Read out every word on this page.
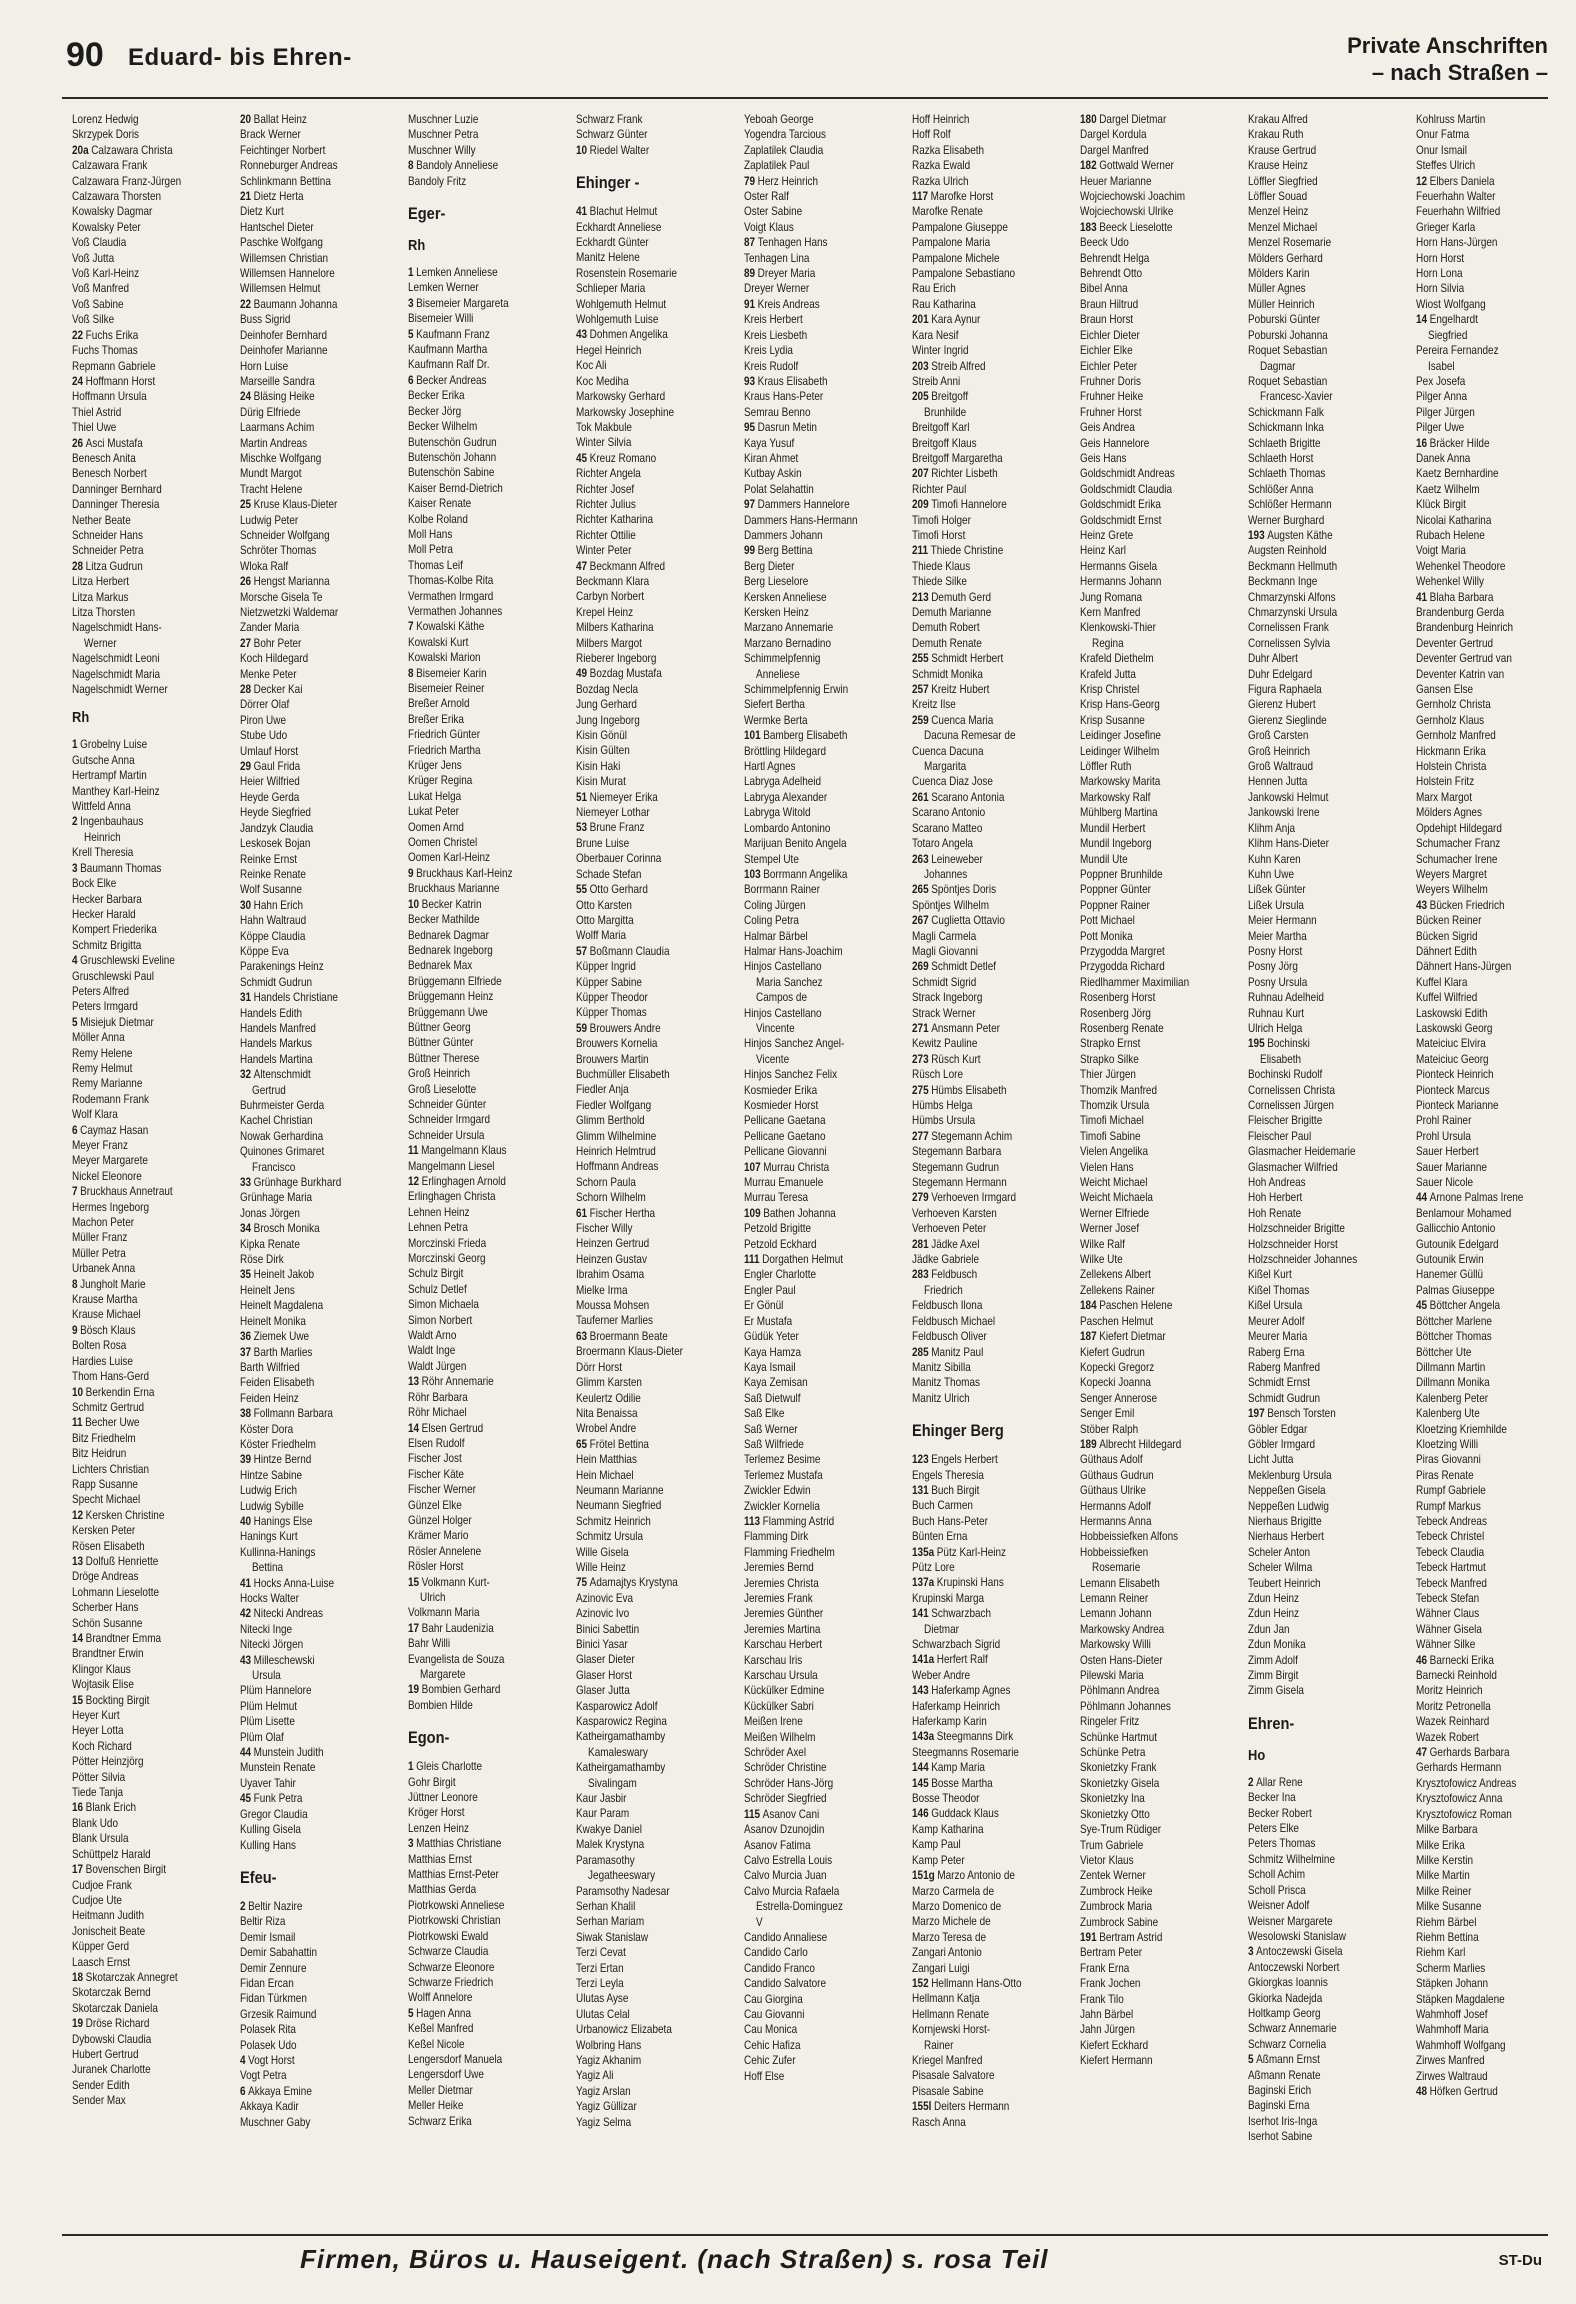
90 Eduard- bis Ehren-	Private Anschriften
– nach Straßen –
Lorenz Hedwig
Skrzypek Doris
20a Calzawara Christa
Calzawara Frank
Calzawara Franz-Jürgen
Calzawara Thorsten
Kowalsky Dagmar
Kowalsky Peter
Voß Claudia
Voß Jutta
Voß Karl-Heinz
Voß Manfred
Voß Sabine
Voß Silke
22 Fuchs Erika
Fuchs Thomas
Repmann Gabriele
24 Hoffmann Horst
Hoffmann Ursula
Thiel Astrid
Thiel Uwe
26 Asci Mustafa
Benesch Anita
Benesch Norbert
Danninger Bernhard
Danninger Theresia
Nether Beate
Schneider Hans
Schneider Petra
28 Litza Gudrun
Litza Herbert
Litza Markus
Litza Thorsten
Nagelschmidt Hans-
Werner
Nagelschmidt Leoni
Nagelschmidt Maria
Nagelschmidt Werner
Rh
1 Grobelny Luise
Gutsche Anna
Hertrampf Martin
Manthey Karl-Heinz
Wittfeld Anna
2 Ingenbauhaus
Heinrich
Krell Theresia
3 Baumann Thomas
Bock Elke
Hecker Barbara
Hecker Harald
Kompert Friederika
Schmitz Brigitta
4 Gruschlewski Eveline
Gruschlewski Paul
Peters Alfred
Peters Irmgard
5 Misiejuk Dietmar
Möller Anna
Remy Helene
Remy Helmut
Remy Marianne
Rodemann Frank
Wolf Klara
6 Caymaz Hasan
Meyer Franz
Meyer Margarete
Nickel Eleonore
7 Bruckhaus Annetraut
Hermes Ingeborg
Machon Peter
Müller Franz
Müller Petra
Urbanek Anna
8 Jungholt Marie
Krause Martha
Krause Michael
9 Bösch Klaus
Bolten Rosa
Hardies Luise
Thom Hans-Gerd
10 Berkendin Erna
Schmitz Gertrud
11 Becher Uwe
Bitz Friedhelm
Bitz Heidrun
Lichters Christian
Rapp Susanne
Specht Michael
12 Kersken Christine
Kersken Peter
Rösen Elisabeth
13 Dolfuß Henriette
Dröge Andreas
Lohmann Lieselotte
Scherber Hans
Schön Susanne
14 Brandtner Emma
Brandtner Erwin
Klingor Klaus
Wojtasik Elise
15 Bockting Birgit
Heyer Kurt
Heyer Lotta
Koch Richard
Pötter Heinzjörg
Pötter Silvia
Tiede Tanja
16 Blank Erich
Blank Udo
Blank Ursula
Schüttpelz Harald
17 Bovenschen Birgit
Cudjoe Frank
Cudjoe Ute
Heitmann Judith
Jonischeit Beate
Küpper Gerd
Laasch Ernst
18 Skotarczak Annegret
Skotarczak Bernd
Skotarczak Daniela
19 Dröse Richard
Dybowski Claudia
Hubert Gertrud
Juranek Charlotte
Sender Edith
Sender Max
20 Ballat Heinz
Brack Werner
Feichtinger Norbert
Ronneburger Andreas
Schlinkmann Bettina
21 Dietz Herta
Dietz Kurt
Hantschel Dieter
Paschke Wolfgang
Willemsen Christian
Willemsen Hannelore
Willemsen Helmut
22 Baumann Johanna
Buss Sigrid
Deinhofer Bernhard
Deinhofer Marianne
Horn Luise
Marseille Sandra
24 Bläsing Heike
Dürig Elfriede
Laarmans Achim
Martin Andreas
Mischke Wolfgang
Mundt Margot
Tracht Helene
25 Kruse Klaus-Dieter
Ludwig Peter
Schneider Wolfgang
Schröter Thomas
Wloka Ralf
26 Hengst Marianna
Morsche Gisela Te
Nietzwetzki Waldemar
Zander Maria
27 Bohr Peter
Koch Hildegard
Menke Peter
28 Decker Kai
Dörrer Olaf
Piron Uwe
Stube Udo
Umlauf Horst
29 Gaul Frida
Heier Wilfried
Heyde Gerda
Heyde Siegfried
Jandzyk Claudia
Leskosek Bojan
Reinke Ernst
Reinke Renate
Wolf Susanne
30 Hahn Erich
Hahn Waltraud
Köppe Claudia
Köppe Eva
Parakenings Heinz
Schmidt Gudrun
31 Handels Christiane
Handels Edith
Handels Manfred
Handels Markus
Handels Martina
32 Altenschmidt
Gertrud
Buhrmeister Gerda
Kachel Christian
Nowak Gerhardina
Quinones Grimaret
Francisco
33 Grünhage Burkhard
Grünhage Maria
Jonas Jörgen
34 Brosch Monika
Kipka Renate
Röse Dirk
35 Heinelt Jakob
Heinelt Jens
Heinelt Magdalena
Heinelt Monika
36 Ziemek Uwe
37 Barth Marlies
Barth Wilfried
Feiden Elisabeth
Feiden Heinz
38 Follmann Barbara
Köster Dora
Köster Friedhelm
39 Hintze Bernd
Hintze Sabine
Ludwig Erich
Ludwig Sybille
40 Hanings Else
Hanings Kurt
Kullinna-Hanings
Bettina
41 Hocks Anna-Luise
Hocks Walter
42 Nitecki Andreas
Nitecki Inge
Nitecki Jörgen
43 Milleschewski
Ursula
Plüm Hannelore
Plüm Helmut
Plüm Lisette
Plüm Olaf
44 Munstein Judith
Munstein Renate
Uyaver Tahir
45 Funk Petra
Gregor Claudia
Kulling Gisela
Kulling Hans
Efeu-
2 Beltir Nazire
Beltir Riza
Demir Ismail
Demir Sabahattin
Demir Zennure
Fidan Ercan
Fidan Türkmen
Grzesik Raimund
Polasek Rita
Polasek Udo
4 Vogt Horst
Vogt Petra
6 Akkaya Emine
Akkaya Kadir
Muschner Gaby
Muschner Luzie
Muschner Petra
Muschner Willy
8 Bandoly Anneliese
Bandoly Fritz
Eger-
Rh
1 Lemken Anneliese
Lemken Werner
3 Bisemeier Margareta
Bisemeier Willi
5 Kaufmann Franz
Kaufmann Martha
Kaufmann Ralf Dr.
6 Becker Andreas
Becker Erika
Becker Jörg
Becker Wilhelm
Butenschön Gudrun
Butenschön Johann
Butenschön Sabine
Kaiser Bernd-Dietrich
Kaiser Renate
Kolbe Roland
Moll Hans
Moll Petra
Thomas Leif
Thomas-Kolbe Rita
Vermathen Irmgard
Vermathen Johannes
7 Kowalski Käthe
Kowalski Kurt
Kowalski Marion
8 Bisemeier Karin
Bisemeier Reiner
Breßer Arnold
Breßer Erika
Friedrich Günter
Friedrich Martha
Krüger Jens
Krüger Regina
Lukat Helga
Lukat Peter
Oomen Arnd
Oomen Christel
Oomen Karl-Heinz
9 Bruckhaus Karl-Heinz
Bruckhaus Marianne
10 Becker Katrin
Becker Mathilde
Bednarek Dagmar
Bednarek Ingeborg
Bednarek Max
Brüggemann Elfriede
Brüggemann Heinz
Brüggemann Uwe
Büttner Georg
Büttner Günter
Büttner Therese
Groß Heinrich
Groß Lieselotte
Schneider Günter
Schneider Irmgard
Schneider Ursula
11 Mangelmann Klaus
Mangelmann Liesel
12 Erlinghagen Arnold
Erlinghagen Christa
Lehnen Heinz
Lehnen Petra
Morczinski Frieda
Morczinski Georg
Schulz Birgit
Schulz Detlef
Simon Michaela
Simon Norbert
Waldt Arno
Waldt Inge
Waldt Jürgen
13 Röhr Annemarie
Röhr Barbara
Röhr Michael
14 Elsen Gertrud
Elsen Rudolf
Fischer Jost
Fischer Käte
Fischer Werner
Günzel Elke
Günzel Holger
Krämer Mario
Rösler Annelene
Rösler Horst
15 Volkmann Kurt-
Ulrich
Volkmann Maria
17 Bahr Laudenizia
Bahr Willi
Evangelista de Souza
Margarete
19 Bombien Gerhard
Bombien Hilde
Egon-
1 Gleis Charlotte
Gohr Birgit
Jüttner Leonore
Kröger Horst
Lenzen Heinz
3 Matthias Christiane
Matthias Ernst
Matthias Ernst-Peter
Matthias Gerda
Piotrkowski Anneliese
Piotrkowski Christian
Piotrkowski Ewald
Schwarze Claudia
Schwarze Eleonore
Schwarze Friedrich
Wolff Annelore
5 Hagen Anna
Keßel Manfred
Keßel Nicole
Lengersdorf Manuela
Lengersdorf Uwe
Meller Dietmar
Meller Heike
Schwarz Erika
Schwarz Frank
Schwarz Günter
10 Riedel Walter
Ehinger -
41 Blachut Helmut
Eckhardt Anneliese
Eckhardt Günter
Manitz Helene
Rosenstein Rosemarie
Schlieper Maria
Wohlgemuth Helmut
Wohlgemuth Luise
43 Dohmen Angelika
Hegel Heinrich
Koc Ali
Koc Mediha
Markowsky Gerhard
Markowsky Josephine
Tok Makbule
Winter Silvia
45 Kreuz Romano
Richter Angela
Richter Josef
Richter Julius
Richter Katharina
Richter Ottilie
Winter Peter
47 Beckmann Alfred
Beckmann Klara
Carbyn Norbert
Krepel Heinz
Milbers Katharina
Milbers Margot
Rieberer Ingeborg
49 Bozdag Mustafa
Bozdag Necla
Jung Gerhard
Jung Ingeborg
Kisin Gönül
Kisin Gülten
Kisin Haki
Kisin Murat
51 Niemeyer Erika
Niemeyer Lothar
53 Brune Franz
Brune Luise
Oberbauer Corinna
Schade Stefan
55 Otto Gerhard
Otto Karsten
Otto Margitta
Wolff Maria
57 Boßmann Claudia
Küpper Ingrid
Küpper Sabine
Küpper Theodor
Küpper Thomas
59 Brouwers Andre
Brouwers Kornelia
Brouwers Martin
Buchmüller Elisabeth
Fiedler Anja
Fiedler Wolfgang
Glimm Berthold
Glimm Wilhelmine
Heinrich Helmtrud
Hoffmann Andreas
Schorn Paula
Schorn Wilhelm
61 Fischer Hertha
Fischer Willy
Heinzen Gertrud
Heinzen Gustav
Ibrahim Osama
Mielke Irma
Moussa Mohsen
Tauferner Marlies
63 Broermann Beate
Broermann Klaus-Dieter
Dörr Horst
Glimm Karsten
Keulertz Odilie
Nita Benaissa
Wrobel Andre
65 Frötel Bettina
Hein Matthias
Hein Michael
Neumann Marianne
Neumann Siegfried
Schmitz Heinrich
Schmitz Ursula
Wille Gisela
Wille Heinz
75 Adamajtys Krystyna
Azinovic Eva
Azinovic Ivo
Binici Sabettin
Binici Yasar
Glaser Dieter
Glaser Horst
Glaser Jutta
Kasparowicz Adolf
Kasparowicz Regina
Katheirgamathamby
Kamaleswary
Katheirgamathamby
Sivalingam
Kaur Jasbir
Kaur Param
Kwakye Daniel
Malek Krystyna
Paramasothy
Jegatheeswary
Paramsothy Nadesar
Serhan Khalil
Serhan Mariam
Siwak Stanislaw
Terzi Cevat
Terzi Ertan
Terzi Leyla
Ulutas Ayse
Ulutas Celal
Urbanowicz Elizabeta
Wolbring Hans
Yagiz Akhanim
Yagiz Ali
Yagiz Arslan
Yagiz Güllizar
Yagiz Selma
Yeboah George
Yogendra Tarcious
Zaplatilek Claudia
Zaplatilek Paul
79 Herz Heinrich
Oster Ralf
Oster Sabine
Voigt Klaus
87 Tenhagen Hans
Tenhagen Lina
89 Dreyer Maria
Dreyer Werner
91 Kreis Andreas
Kreis Herbert
Kreis Liesbeth
Kreis Lydia
Kreis Rudolf
93 Kraus Elisabeth
Kraus Hans-Peter
Semrau Benno
95 Dasrun Metin
Kaya Yusuf
Kiran Ahmet
Kutbay Askin
Polat Selahattin
97 Dammers Hannelore
Dammers Hans-Hermann
Dammers Johann
99 Berg Bettina
Berg Dieter
Berg Lieselore
Kersken Anneliese
Kersken Heinz
Marzano Annemarie
Marzano Bernadino
Schimmelpfennig
Anneliese
Schimmelpfennig Erwin
Siefert Bertha
Wermke Berta
101 Bamberg Elisabeth
Bröttling Hildegard
Hartl Agnes
Labryga Adelheid
Labryga Alexander
Labryga Witold
Lombardo Antonino
Marijuan Benito Angela
Stempel Ute
103 Borrmann Angelika
Borrmann Rainer
Coling Jürgen
Coling Petra
Halmar Bärbel
Halmar Hans-Joachim
Hinjos Castellano
Maria Sanchez
Campos de
Hinjos Castellano
Vincente
Hinjos Sanchez Angel-
Vicente
Hinjos Sanchez Felix
Kosmieder Erika
Kosmieder Horst
Pellicane Gaetana
Pellicane Gaetano
Pellicane Giovanni
107 Murrau Christa
Murrau Emanuele
Murrau Teresa
109 Bathen Johanna
Petzold Brigitte
Petzold Eckhard
111 Dorgathen Helmut
Engler Charlotte
Engler Paul
Er Gönül
Er Mustafa
Güdük Yeter
Kaya Hamza
Kaya Ismail
Kaya Zemisan
Saß Dietwulf
Saß Elke
Saß Werner
Saß Wilfriede
Terlemez Besime
Terlemez Mustafa
Zwickler Edwin
Zwickler Kornelia
113 Flamming Astrid
Flamming Dirk
Flamming Friedhelm
Jeremies Bernd
Jeremies Christa
Jeremies Frank
Jeremies Günther
Jeremies Martina
Karschau Herbert
Karschau Iris
Karschau Ursula
Kückülker Edmine
Kückülker Sabri
Meißen Irene
Meißen Wilhelm
Schröder Axel
Schröder Christine
Schröder Hans-Jörg
Schröder Siegfried
115 Asanov Cani
Asanov Dzunojdin
Asanov Fatima
Calvo Estrella Louis
Calvo Murcia Juan
Calvo Murcia Rafaela
Estrella-Dominguez
V
Candido Annaliese
Candido Carlo
Candido Franco
Candido Salvatore
Cau Giorgina
Cau Giovanni
Cau Monica
Cehic Hafiza
Cehic Zufer
Hoff Else
Hoff Heinrich
Hoff Rolf
Razka Elisabeth
Razka Ewald
Razka Ulrich
117 Marofke Horst
Marofke Renate
Pampalone Giuseppe
Pampalone Maria
Pampalone Michele
Pampalone Sebastiano
Rau Erich
Rau Katharina
201 Kara Aynur
Kara Nesif
Winter Ingrid
203 Streib Alfred
Streib Anni
205 Breitgoff
Brunhilde
Breitgoff Karl
Breitgoff Klaus
Breitgoff Margaretha
207 Richter Lisbeth
Richter Paul
209 Timofi Hannelore
Timofi Holger
Timofi Horst
211 Thiede Christine
Thiede Klaus
Thiede Silke
213 Demuth Gerd
Demuth Marianne
Demuth Robert
Demuth Renate
255 Schmidt Herbert
Schmidt Monika
257 Kreitz Hubert
Kreitz Ilse
259 Cuenca Maria
Dacuna Remesar de
Cuenca Dacuna
Margarita
Cuenca Diaz Jose
261 Scarano Antonia
Scarano Antonio
Scarano Matteo
Totaro Angela
263 Leineweber
Johannes
265 Spöntjes Doris
Spöntjes Wilhelm
267 Cuglietta Ottavio
Magli Carmela
Magli Giovanni
269 Schmidt Detlef
Schmidt Sigrid
Strack Ingeborg
Strack Werner
271 Ansmann Peter
Kewitz Pauline
273 Rüsch Kurt
Rüsch Lore
275 Hümbs Elisabeth
Hümbs Helga
Hümbs Ursula
277 Stegemann Achim
Stegemann Barbara
Stegemann Gudrun
Stegemann Hermann
279 Verhoeven Irmgard
Verhoeven Karsten
Verhoeven Peter
281 Jädke Axel
Jädke Gabriele
283 Feldbusch
Friedrich
Feldbusch Ilona
Feldbusch Michael
Feldbusch Oliver
285 Manitz Paul
Manitz Sibilla
Manitz Thomas
Manitz Ulrich
Ehinger Berg
123 Engels Herbert
Engels Theresia
131 Buch Birgit
Buch Carmen
Buch Hans-Peter
Bünten Erna
135a Pütz Karl-Heinz
Pütz Lore
137a Krupinski Hans
Krupinski Marga
141 Schwarzbach
Dietmar
Schwarzbach Sigrid
141a Herfert Ralf
Weber Andre
143 Haferkamp Agnes
Haferkamp Heinrich
Haferkamp Karin
143a Steegmanns Dirk
Steegmanns Rosemarie
144 Kamp Maria
145 Bosse Martha
Bosse Theodor
146 Guddack Klaus
Kamp Katharina
Kamp Paul
Kamp Peter
151g Marzo Antonio de
Marzo Carmela de
Marzo Domenico de
Marzo Michele de
Marzo Teresa de
Zangari Antonio
Zangari Luigi
152 Hellmann Hans-Otto
Hellmann Katja
Hellmann Renate
Kornjewski Horst-
Rainer
Kriegel Manfred
Pisasale Salvatore
Pisasale Sabine
155l Deiters Hermann
Rasch Anna
180 Dargel Dietmar
Dargel Kordula
Dargel Manfred
182 Gottwald Werner
Heuer Marianne
Wojciechowski Joachim
Wojciechowski Ulrike
183 Beeck Lieselotte
Beeck Udo
Behrendt Helga
Behrendt Otto
Bibel Anna
Braun Hiltrud
Braun Horst
Eichler Dieter
Eichler Elke
Eichler Peter
Fruhner Doris
Fruhner Heike
Fruhner Horst
Geis Andrea
Geis Hannelore
Geis Hans
Goldschmidt Andreas
Goldschmidt Claudia
Goldschmidt Erika
Goldschmidt Ernst
Heinz Grete
Heinz Karl
Hermanns Gisela
Hermanns Johann
Jung Romana
Kern Manfred
Klenkowski-Thier
Regina
Krafeld Diethelm
Krafeld Jutta
Krisp Christel
Krisp Hans-Georg
Krisp Susanne
Leidinger Josefine
Leidinger Wilhelm
Löffler Ruth
Markowsky Marita
Markowsky Ralf
Mühlberg Martina
Mundil Herbert
Mundil Ingeborg
Mundil Ute
Poppner Brunhilde
Poppner Günter
Poppner Rainer
Pott Michael
Pott Monika
Przygodda Margret
Przygodda Richard
Riedlhammer Maximilian
Rosenberg Horst
Rosenberg Jörg
Rosenberg Renate
Strapko Ernst
Strapko Silke
Thier Jürgen
Thomzik Manfred
Thomzik Ursula
Timofi Michael
Timofi Sabine
Vielen Angelika
Vielen Hans
Weicht Michael
Weicht Michaela
Werner Elfriede
Werner Josef
Wilke Ralf
Wilke Ute
Zellekens Albert
Zellekens Rainer
184 Paschen Helene
Paschen Helmut
187 Kiefert Dietmar
Kiefert Gudrun
Kopecki Gregorz
Kopecki Joanna
Senger Annerose
Senger Emil
Stöber Ralph
189 Albrecht Hildegard
Güthaus Adolf
Güthaus Gudrun
Güthaus Ulrike
Hermanns Adolf
Hermanns Anna
Hobbeissiefken Alfons
Hobbeissiefken
Rosemarie
Lemann Elisabeth
Lemann Reiner
Lemann Johann
Markowsky Andrea
Markowsky Willi
Osten Hans-Dieter
Pilewski Maria
Pöhlmann Andrea
Pöhlmann Johannes
Ringeler Fritz
Schünke Hartmut
Schünke Petra
Skonietzky Frank
Skonietzky Gisela
Skonietzky Ina
Skonietzky Otto
Sye-Trum Rüdiger
Trum Gabriele
Vietor Klaus
Zentek Werner
Zumbrock Heike
Zumbrock Maria
Zumbrock Sabine
191 Bertram Astrid
Bertram Peter
Frank Erna
Frank Jochen
Frank Tilo
Jahn Bärbel
Jahn Jürgen
Kiefert Eckhard
Kiefert Hermann
Krakau Alfred
Krakau Ruth
Krause Gertrud
Krause Heinz
Löffler Siegfried
Löffler Souad
Menzel Heinz
Menzel Michael
Menzel Rosemarie
Mölders Gerhard
Mölders Karin
Müller Agnes
Müller Heinrich
Poburski Günter
Poburski Johanna
Roquet Sebastian
Dagmar
Roquet Sebastian
Francesc-Xavier
Schickmann Falk
Schickmann Inka
Schlaeth Brigitte
Schlaeth Horst
Schlaeth Thomas
Schlößer Anna
Schlößer Hermann
Werner Burghard
193 Augsten Käthe
Augsten Reinhold
Beckmann Hellmuth
Beckmann Inge
Chmarzynski Alfons
Chmarzynski Ursula
Cornelissen Frank
Cornelissen Sylvia
Duhr Albert
Duhr Edelgard
Figura Raphaela
Gierenz Hubert
Gierenz Sieglinde
Groß Carsten
Groß Heinrich
Groß Waltraud
Hennen Jutta
Jankowski Helmut
Jankowski Irene
Klihm Anja
Klihm Hans-Dieter
Kuhn Karen
Kuhn Uwe
Lißek Günter
Lißek Ursula
Meier Hermann
Meier Martha
Posny Horst
Posny Jörg
Posny Ursula
Ruhnau Adelheid
Ruhnau Kurt
Ulrich Helga
195 Bochinski
Elisabeth
Bochinski Rudolf
Cornelissen Christa
Cornelissen Jürgen
Fleischer Brigitte
Fleischer Paul
Glasmacher Heidemarie
Glasmacher Wilfried
Hoh Andreas
Hoh Herbert
Hoh Renate
Holzschneider Brigitte
Holzschneider Horst
Holzschneider Johannes
Kißel Kurt
Kißel Thomas
Kißel Ursula
Meurer Adolf
Meurer Maria
Raberg Erna
Raberg Manfred
Schmidt Ernst
Schmidt Gudrun
197 Bensch Torsten
Göbler Edgar
Göbler Irmgard
Licht Jutta
Meklenburg Ursula
Neppeßen Gisela
Neppeßen Ludwig
Nierhaus Brigitte
Nierhaus Herbert
Scheler Anton
Scheler Wilma
Teubert Heinrich
Zdun Heinz
Zdun Heinz
Zdun Jan
Zdun Monika
Zimm Adolf
Zimm Birgit
Zimm Gisela
Ehren-
Ho
2 Allar Rene
Becker Ina
Becker Robert
Peters Elke
Peters Thomas
Schmitz Wilhelmine
Scholl Achim
Scholl Prisca
Weisner Adolf
Weisner Margarete
Wesolowski Stanislaw
3 Antoczewski Gisela
Antoczewski Norbert
Gkiorgkas Ioannis
Gkiorka Nadejda
Holtkamp Georg
Schwarz Annemarie
Schwarz Cornelia
5 Aßmann Ernst
Aßmann Renate
Baginski Erich
Baginski Erna
Iserhot Iris-Inga
Iserhot Sabine
Kohlruss Martin
Onur Fatma
Onur Ismail
Steffes Ulrich
12 Elbers Daniela
Feuerhahn Walter
Feuerhahn Wilfried
Grieger Karla
Horn Hans-Jürgen
Horn Horst
Horn Lona
Horn Silvia
Wiost Wolfgang
14 Engelhardt
Siegfried
Pereira Fernandez
Isabel
Pex Josefa
Pilger Anna
Pilger Jürgen
Pilger Uwe
16 Bräcker Hilde
Danek Anna
Kaetz Bernhardine
Kaetz Wilhelm
Klück Birgit
Nicolai Katharina
Rubach Helene
Voigt Maria
Wehenkel Theodore
Wehenkel Willy
41 Blaha Barbara
Brandenburg Gerda
Brandenburg Heinrich
Deventer Gertrud
Deventer Gertrud van
Deventer Katrin van
Gansen Else
Gernholz Christa
Gernholz Klaus
Gernholz Manfred
Hickmann Erika
Holstein Christa
Holstein Fritz
Marx Margot
Mölders Agnes
Opdehipt Hildegard
Schumacher Franz
Schumacher Irene
Weyers Margret
Weyers Wilhelm
43 Bücken Friedrich
Bücken Reiner
Bücken Sigrid
Dähnert Edith
Dähnert Hans-Jürgen
Kuffel Klara
Kuffel Wilfried
Laskowski Edith
Laskowski Georg
Mateiciuc Elvira
Mateiciuc Georg
Pionteck Heinrich
Pionteck Marcus
Pionteck Marianne
Prohl Rainer
Prohl Ursula
Sauer Herbert
Sauer Marianne
Sauer Nicole
44 Arnone Palmas Irene
Benlamour Mohamed
Gallicchio Antonio
Gutounik Edelgard
Gutounik Erwin
Hanemer Güllü
Palmas Giuseppe
45 Böttcher Angela
Böttcher Marlene
Böttcher Thomas
Böttcher Ute
Dillmann Martin
Dillmann Monika
Kalenberg Peter
Kalenberg Ute
Kloetzing Kriemhilde
Kloetzing Willi
Piras Giovanni
Piras Renate
Rumpf Gabriele
Rumpf Markus
Tebeck Andreas
Tebeck Christel
Tebeck Claudia
Tebeck Hartmut
Tebeck Manfred
Tebeck Stefan
Wähner Claus
Wähner Gisela
Wähner Silke
46 Barnecki Erika
Barnecki Reinhold
Moritz Heinrich
Moritz Petronella
Wazek Reinhard
Wazek Robert
47 Gerhards Barbara
Gerhards Hermann
Krysztofowicz Andreas
Krysztofowicz Anna
Krysztofowicz Roman
Milke Barbara
Milke Erika
Milke Kerstin
Milke Martin
Milke Reiner
Milke Susanne
Riehm Bärbel
Riehm Bettina
Riehm Karl
Scherm Marlies
Stäpken Johann
Stäpken Magdalene
Wahmhoff Josef
Wahmhoff Maria
Wahmhoff Wolfgang
Zirwes Manfred
Zirwes Waltraud
48 Höfken Gertrud
Firmen, Büros u. Hauseigent. (nach Straßen) s. rosa Teil	ST-Du
